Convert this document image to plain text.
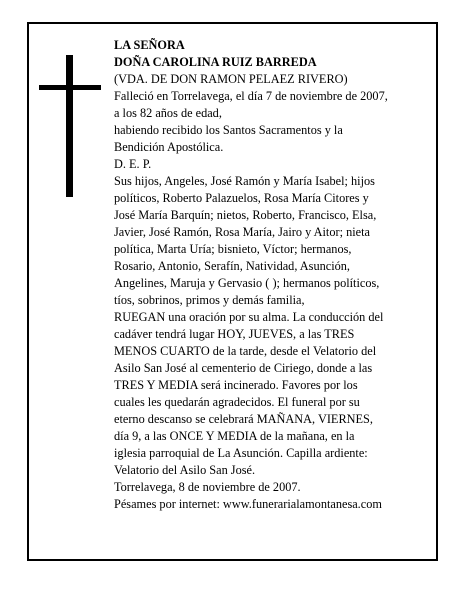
LA SEÑORA
DOÑA CAROLINA RUIZ BARREDA
(VDA. DE DON RAMON PELAEZ RIVERO)
Falleció en Torrelavega, el día 7 de noviembre de 2007,
a los 82 años de edad,
habiendo recibido los Santos Sacramentos y la
Bendición Apostólica.
D. E. P.
Sus hijos, Angeles, José Ramón y María Isabel; hijos
políticos, Roberto Palazuelos, Rosa María Citores y
José María Barquín; nietos, Roberto, Francisco, Elsa,
Javier, José Ramón, Rosa María, Jairo y Aitor; nieta
política, Marta Uría; bisnieto, Víctor; hermanos,
Rosario, Antonio, Serafín, Natividad, Asunción,
Angelines, Maruja y Gervasio ( ); hermanos políticos,
tíos, sobrinos, primos y demás familia,
RUEGAN una oración por su alma. La conducción del
cadáver tendrá lugar HOY, JUEVES, a las TRES
MENOS CUARTO de la tarde, desde el Velatorio del
Asilo San José al cementerio de Ciriego, donde a las
TRES Y MEDIA será incinerado. Favores por los
cuales les quedarán agradecidos. El funeral por su
eterno descanso se celebrará MAÑANA, VIERNES,
día 9, a las ONCE Y MEDIA de la mañana, en la
iglesia parroquial de La Asunción. Capilla ardiente:
Velatorio del Asilo San José.
Torrelavega, 8 de noviembre de 2007.
Pésames por internet: www.funerarialamontanesa.com
